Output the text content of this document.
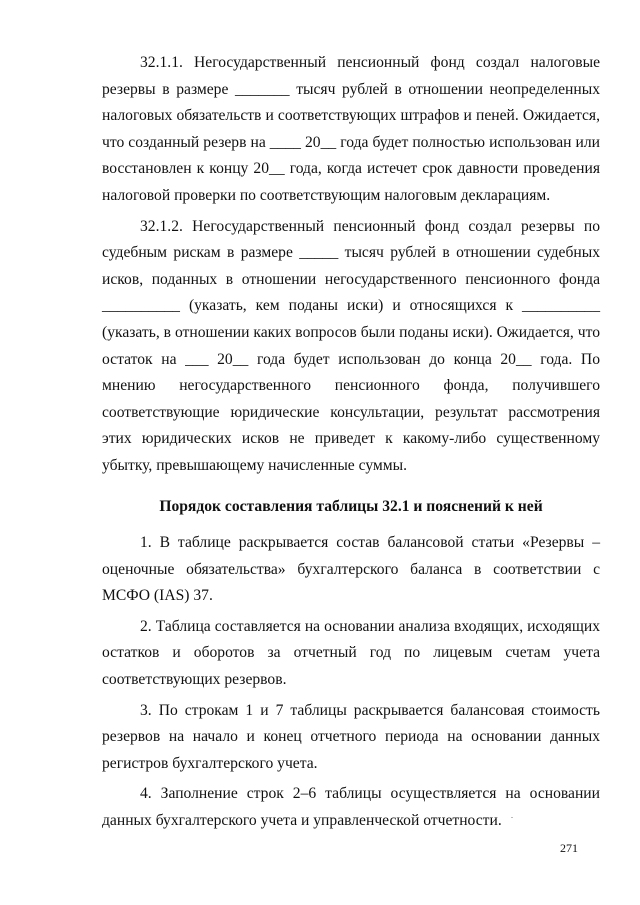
32.1.1. Негосударственный пенсионный фонд создал налоговые резервы в размере _______ тысяч рублей в отношении неопределенных налоговых обязательств и соответствующих штрафов и пеней. Ожидается, что созданный резерв на ____ 20__ года будет полностью использован или восстановлен к концу 20__ года, когда истечет срок давности проведения налоговой проверки по соответствующим налоговым декларациям.

32.1.2. Негосударственный пенсионный фонд создал резервы по судебным рискам в размере _____ тысяч рублей в отношении судебных исков, поданных в отношении негосударственного пенсионного фонда __________ (указать, кем поданы иски) и относящихся к __________ (указать, в отношении каких вопросов были поданы иски). Ожидается, что остаток на ___ 20__ года будет использован до конца 20__ года. По мнению негосударственного пенсионного фонда, получившего соответствующие юридические консультации, результат рассмотрения этих юридических исков не приведет к какому-либо существенному убытку, превышающему начисленные суммы.

Порядок составления таблицы 32.1 и пояснений к ней

1. В таблице раскрывается состав балансовой статьи «Резервы – оценочные обязательства» бухгалтерского баланса в соответствии с МСФО (IAS) 37.

2. Таблица составляется на основании анализа входящих, исходящих остатков и оборотов за отчетный год по лицевым счетам учета соответствующих резервов.

3. По строкам 1 и 7 таблицы раскрывается балансовая стоимость резервов на начало и конец отчетного периода на основании данных регистров бухгалтерского учета.

4. Заполнение строк 2–6 таблицы осуществляется на основании данных бухгалтерского учета и управленческой отчетности.

271
